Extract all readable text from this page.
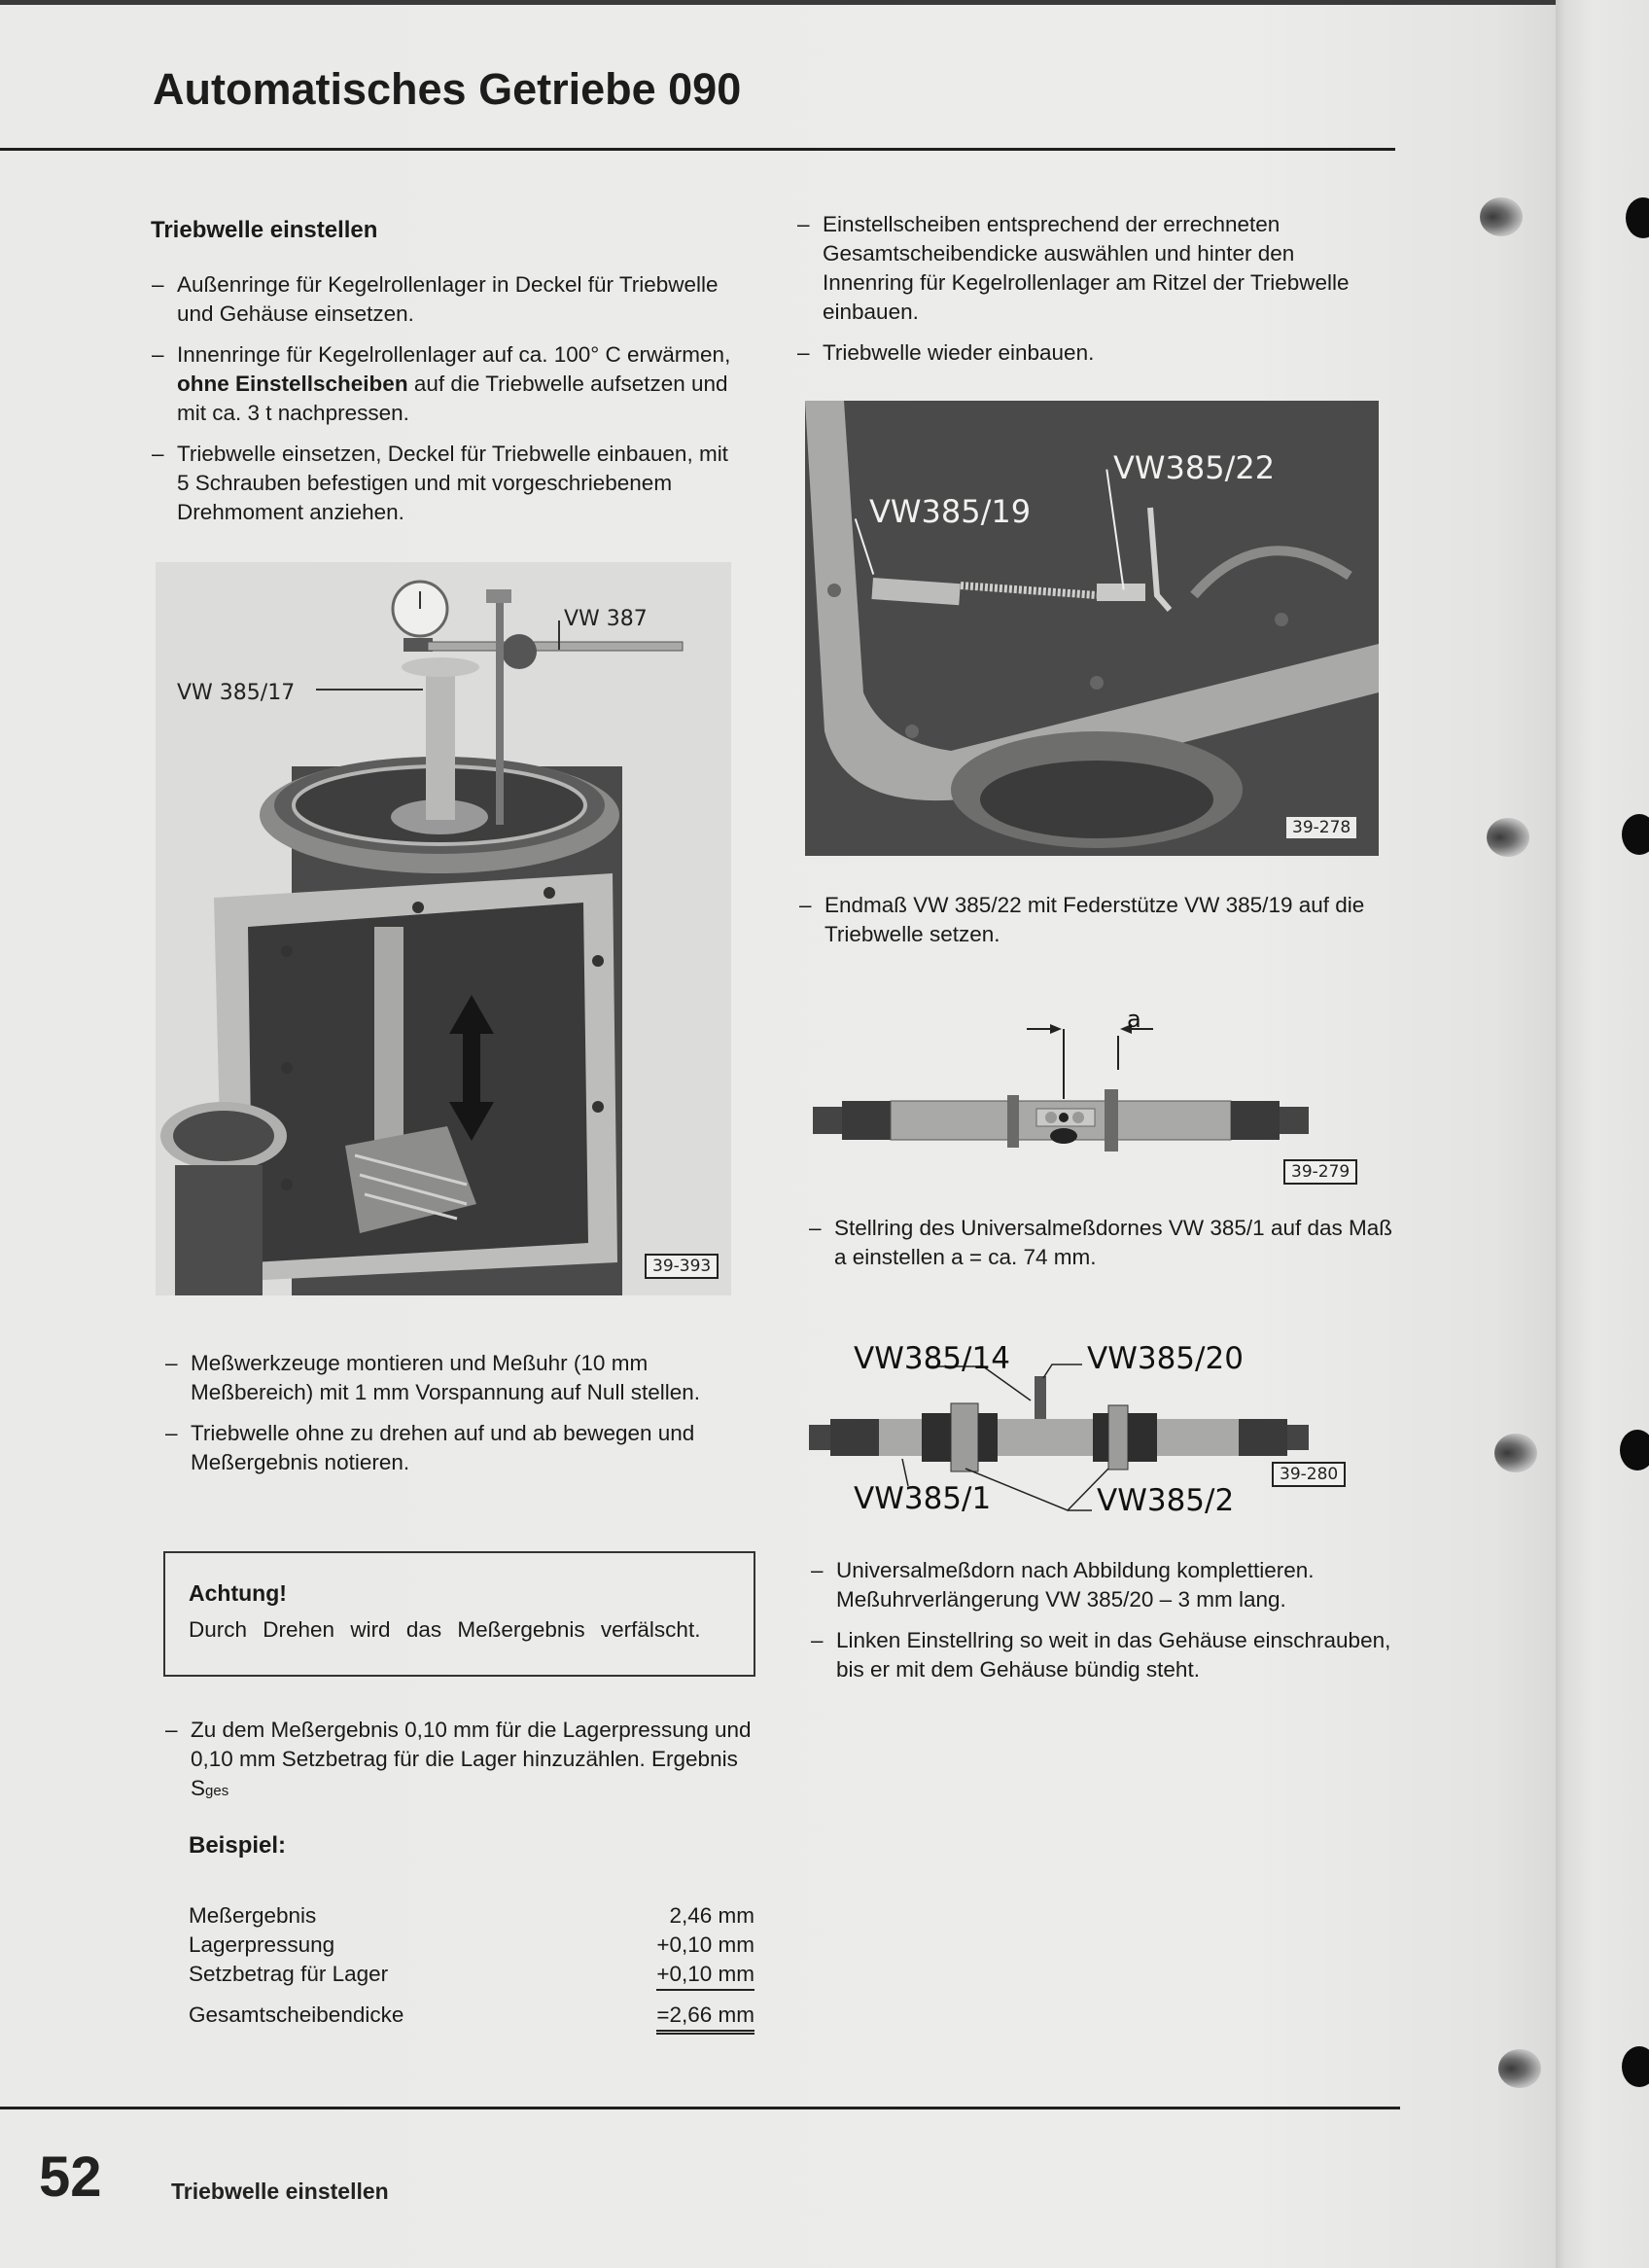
Automatisches Getriebe 090
Triebwelle einstellen
– Außenringe für Kegelrollenlager in Deckel für Triebwelle und Gehäuse einsetzen.
– Innenringe für Kegelrollenlager auf ca. 100° C erwärmen, ohne Einstellscheiben auf die Triebwelle aufsetzen und mit ca. 3 t nachpressen.
– Triebwelle einsetzen, Deckel für Triebwelle einbauen, mit 5 Schrauben befestigen und mit vorgeschriebenem Drehmoment anziehen.
VW 385/17
VW 387
39-393
– Meßwerkzeuge montieren und Meßuhr (10 mm Meßbereich) mit 1 mm Vorspannung auf Null stellen.
– Triebwelle ohne zu drehen auf und ab bewegen und Meßergebnis notieren.
Achtung!
Durch Drehen wird das Meßergebnis verfälscht.
– Zu dem Meßergebnis 0,10 mm für die Lagerpressung und 0,10 mm Setzbetrag für die Lager hinzuzählen. Ergebnis Sges
Beispiel:
Meßergebnis	2,46 mm
Lagerpressung	+0,10 mm
Setzbetrag für Lager	+0,10 mm
Gesamtscheibendicke	=2,66 mm
– Einstellscheiben entsprechend der errechneten Gesamtscheibendicke auswählen und hinter den Innenring für Kegelrollenlager am Ritzel der Triebwelle einbauen.
– Triebwelle wieder einbauen.
VW385/19
VW385/22
39-278
– Endmaß VW 385/22 mit Federstütze VW 385/19 auf die Triebwelle setzen.
a
39-279
– Stellring des Universalmeßdornes VW 385/1 auf das Maß a einstellen a = ca. 74 mm.
VW385/14	VW385/20
VW385/1	VW385/2
39-280
– Universalmeßdorn nach Abbildung komplettieren. Meßuhrverlängerung VW 385/20 – 3 mm lang.
– Linken Einstellring so weit in das Gehäuse einschrauben, bis er mit dem Gehäuse bündig steht.
52	Triebwelle einstellen
